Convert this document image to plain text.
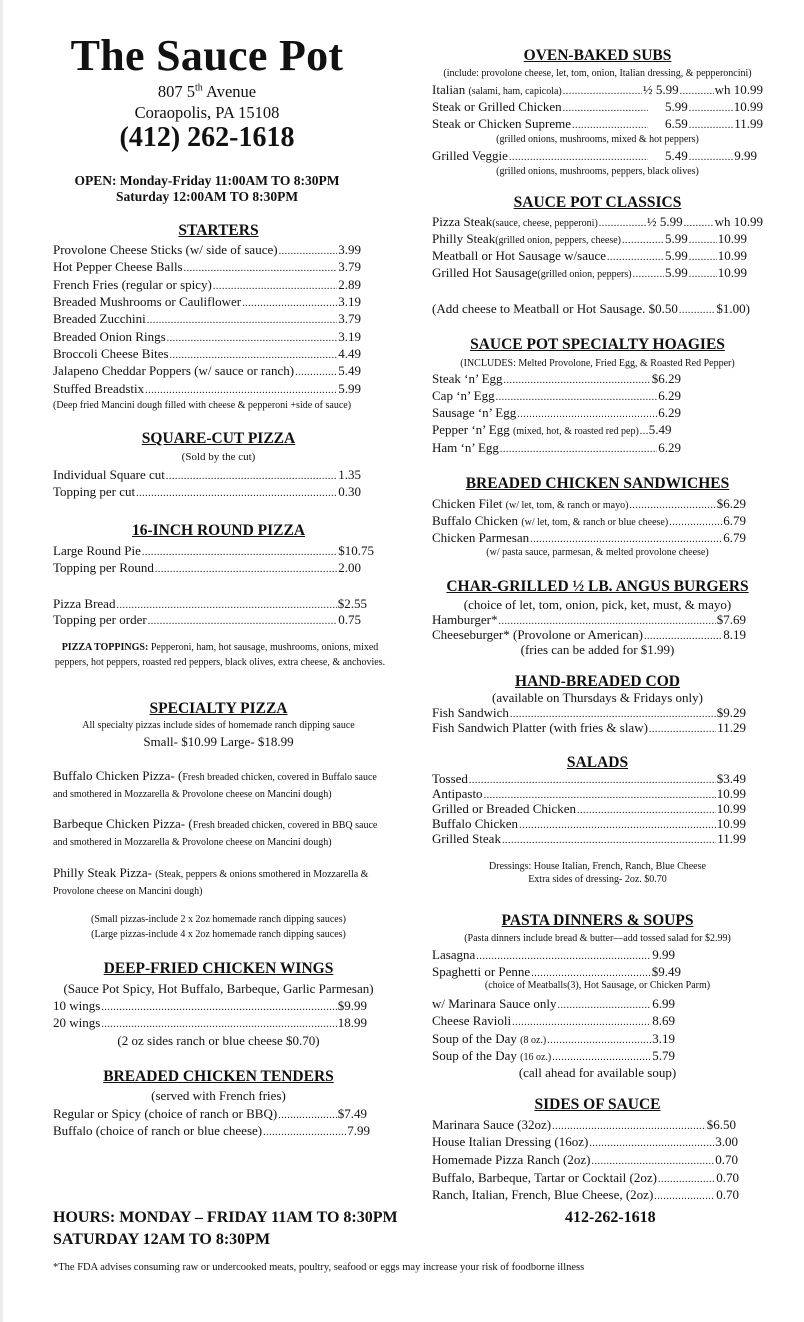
The Sauce Pot
807 5th Avenue
Coraopolis, PA 15108
(412) 262-1618
OPEN: Monday-Friday 11:00AM TO 8:30PM
Saturday 12:00AM TO 8:30PM
STARTERS
Provolone Cheese Sticks (w/ side of sauce) .....	3.99
Hot Pepper Cheese Balls .....	3.79
French Fries (regular or spicy) .....	2.89
Breaded Mushrooms or Cauliflower .....	3.19
Breaded Zucchini .....	3.79
Breaded Onion Rings .....	3.19
Broccoli Cheese Bites .....	4.49
Jalapeno Cheddar Poppers (w/ sauce or ranch) .....	5.49
Stuffed Breadstix .....	5.99
(Deep fried Mancini dough filled with cheese & pepperoni +side of sauce)
SQUARE-CUT PIZZA
(Sold by the cut)
Individual Square cut .....	1.35
Topping per cut .....	0.30
16-INCH ROUND PIZZA
Large Round Pie .....	$10.75
Topping per Round .....	2.00
Pizza Bread .....	$2.55
Topping per order .....	0.75
PIZZA TOPPINGS: Pepperoni, ham, hot sausage, mushrooms, onions, mixed peppers, hot peppers, roasted red peppers, black olives, extra cheese, & anchovies.
SPECIALTY PIZZA
All specialty pizzas include sides of homemade ranch dipping sauce
Small- $10.99 Large- $18.99
Buffalo Chicken Pizza- (Fresh breaded chicken, covered in Buffalo sauce and smothered in Mozzarella & Provolone cheese on Mancini dough)
Barbeque Chicken Pizza- (Fresh breaded chicken, covered in BBQ sauce and smothered in Mozzarella & Provolone cheese on Mancini dough)
Philly Steak Pizza- (Steak, peppers & onions smothered in Mozzarella & Provolone cheese on Mancini dough)
(Small pizzas-include 2 x 2oz homemade ranch dipping sauces)
(Large pizzas-include 4 x 2oz homemade ranch dipping sauces)
DEEP-FRIED CHICKEN WINGS
(Sauce Pot Spicy, Hot Buffalo, Barbeque, Garlic Parmesan)
10 wings .....	$9.99
20 wings .....	18.99
(2 oz sides ranch or blue cheese $0.70)
BREADED CHICKEN TENDERS
(served with French fries)
Regular or Spicy (choice of ranch or BBQ) .....	$7.49
Buffalo (choice of ranch or blue cheese) .....	7.99
OVEN-BAKED SUBS
(include: provolone cheese, let, tom, onion, Italian dressing, & pepperoncini)
Italian
(salami, ham, capicola) .....	½ 5.99 .....	wh 10.99
Steak or Grilled Chicken .....	5.99 .....	10.99
Steak or Chicken Supreme .....	6.59 .....	11.99
(grilled onions, mushrooms, mixed & hot peppers)
Grilled Veggie .....	5.49 .....	9.99
(grilled onions, mushrooms, peppers, black olives)
SAUCE POT CLASSICS
Pizza Steak (sauce, cheese, pepperoni) .....	½ 5.99 ..... wh 10.99
Philly Steak (grilled onion, peppers, cheese) .....	5.99 ..... 10.99
Meatball or Hot Sausage w/sauce .....	5.99 ..... 10.99
Grilled Hot Sausage (grilled onion, peppers) .....	5.99 ..... 10.99
(Add cheese to Meatball or Hot Sausage. $0.50 .....	$1.00)
SAUCE POT SPECIALTY HOAGIES
(INCLUDES: Melted Provolone, Fried Egg, & Roasted Red Pepper)
Steak ‘n’ Egg .....	$6.29
Cap ‘n’ Egg .....	6.29
Sausage ‘n’ Egg .....	6.29
Pepper ‘n’ Egg
(mixed, hot, & roasted red pep) ..... 5.49
Ham ‘n’ Egg .....	6.29
BREADED CHICKEN SANDWICHES
Chicken Filet
(w/ let, tom, & ranch or mayo) .....	$6.29
Buffalo Chicken
(w/ let, tom, & ranch or blue cheese) .....	6.79
Chicken Parmesan .....	6.79
(w/ pasta sauce, parmesan, & melted provolone cheese)
CHAR-GRILLED ½ LB. ANGUS BURGERS
(choice of let, tom, onion, pick, ket, must, & mayo)
Hamburger* .....	$7.69
Cheeseburger* (Provolone or American) .....	8.19
(fries can be added for $1.99)
HAND-BREADED COD
(available on Thursdays & Fridays only)
Fish Sandwich .....	$9.29
Fish Sandwich Platter (with fries & slaw) .....	11.29
SALADS
Tossed .....	$3.49
Antipasto .....	10.99
Grilled or Breaded Chicken .....	10.99
Buffalo Chicken .....	10.99
Grilled Steak .....	11.99
Dressings: House Italian, French, Ranch, Blue Cheese
Extra sides of dressing- 2oz. $0.70
PASTA DINNERS & SOUPS
(Pasta dinners include bread & butter—add tossed salad for $2.99)
Lasagna .....	9.99
Spaghetti or Penne .....	$9.49
(choice of Meatballs(3), Hot Sausage, or Chicken Parm)
w/ Marinara Sauce only .....	6.99
Cheese Ravioli .....	8.69
Soup of the Day
(8 oz.) .....	3.19
Soup of the Day
(16 oz.) .....	5.79
(call ahead for available soup)
SIDES OF SAUCE
Marinara Sauce (32oz) .....	$6.50
House Italian Dressing (16oz) .....	3.00
Homemade Pizza Ranch (2oz) .....	0.70
Buffalo, Barbeque, Tartar or Cocktail (2oz) .....	0.70
Ranch, Italian, French, Blue Cheese, (2oz) .....	0.70
HOURS: MONDAY – FRIDAY 11AM TO 8:30PM	412-262-1618
SATURDAY 12AM TO 8:30PM
*The FDA advises consuming raw or undercooked meats, poultry, seafood or eggs may increase your risk of foodborne illness
